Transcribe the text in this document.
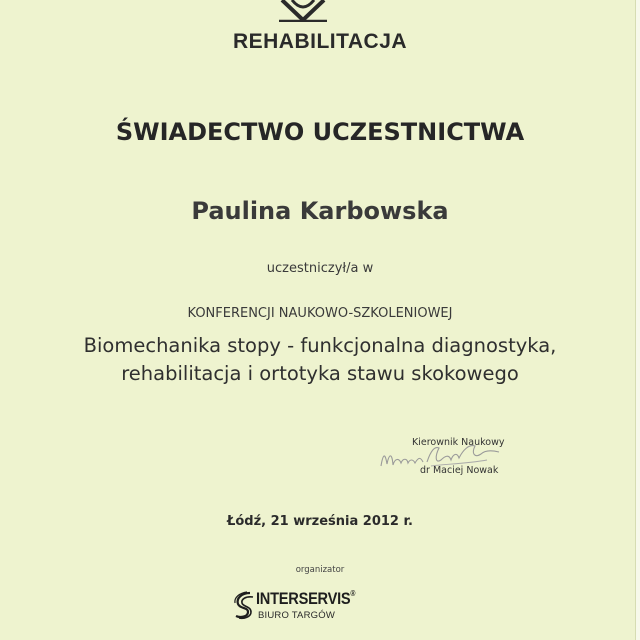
REHABILITACJA
ŚWIADECTWO UCZESTNICTWA
Paulina Karbowska
uczestniczył/a w
KONFERENCJI NAUKOWO-SZKOLENIOWEJ
Biomechanika stopy - funkcjonalna diagnostyka,
rehabilitacja i ortotyka stawu skokowego
Kierownik Naukowy
dr Maciej Nowak
Łódź, 21 września 2012 r.
organizator
INTERSERVIS®
BIURO TARGÓW
